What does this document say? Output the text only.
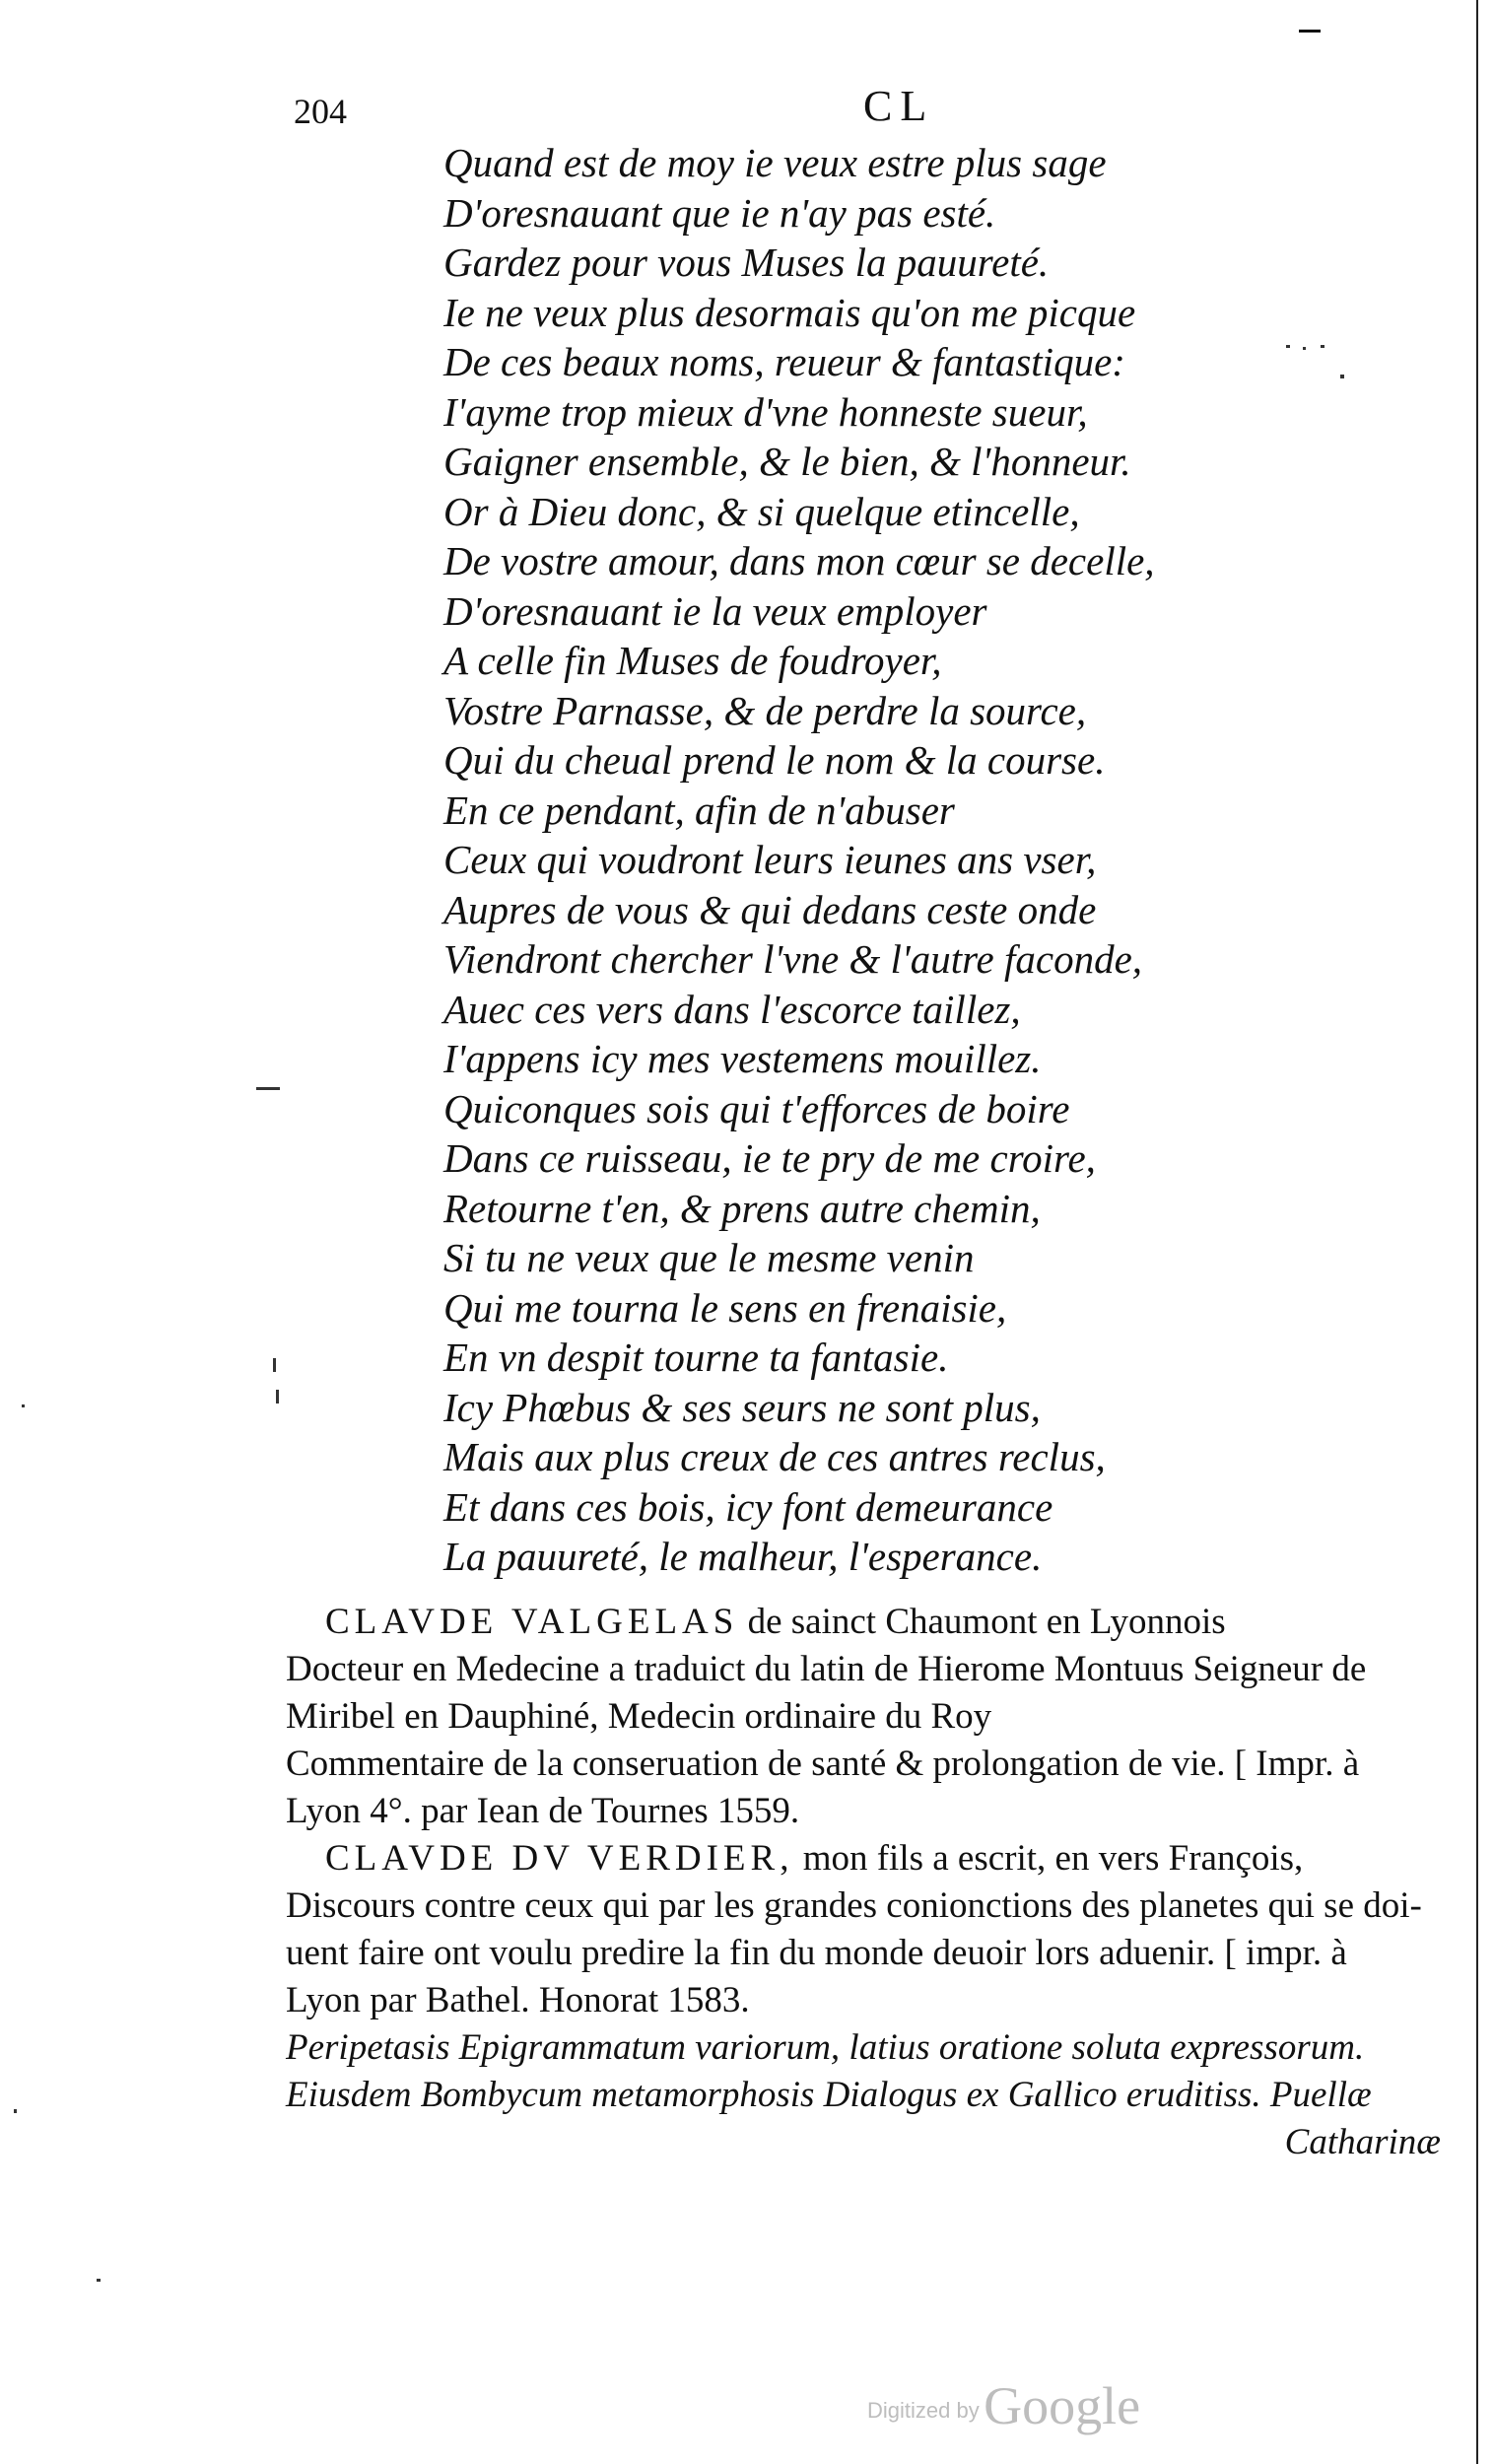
204	CL
Quand est de moy ie veux estre plus sage
D'oresnauant que ie n'ay pas esté.
Gardez pour vous Muses la pauureté.
Ie ne veux plus desormais qu'on me picque
De ces beaux noms, reueur & fantastique:
I'ayme trop mieux d'vne honneste sueur,
Gaigner ensemble, & le bien, & l'honneur.
Or à Dieu donc, & si quelque etincelle,
De vostre amour, dans mon cœur se decelle,
D'oresnauant ie la veux employer
A celle fin Muses de foudroyer,
Vostre Parnasse, & de perdre la source,
Qui du cheual prend le nom & la course.
En ce pendant, afin de n'abuser
Ceux qui voudront leurs ieunes ans vser,
Aupres de vous & qui dedans ceste onde
Viendront chercher l'vne & l'autre faconde,
Auec ces vers dans l'escorce taillez,
I'appens icy mes vestemens mouillez.
Quiconques sois qui t'efforces de boire
Dans ce ruisseau, ie te pry de me croire,
Retourne t'en, & prens autre chemin,
Si tu ne veux que le mesme venin
Qui me tourna le sens en frenaisie,
En vn despit tourne ta fantasie.
Icy Phœbus & ses seurs ne sont plus,
Mais aux plus creux de ces antres reclus,
Et dans ces bois, icy font demeurance
La pauureté, le malheur, l'esperance.
CLAVDE VALGELAS de sainct Chaumont en Lyonnois
Docteur en Medecine a traduict du latin de Hierome Montuus Seigneur de
Miribel en Dauphiné, Medecin ordinaire du Roy
Commentaire de la conseruation de santé & prolongation de vie. [ Impr. à
Lyon 4°. par Iean de Tournes 1559.
CLAVDE DV VERDIER, mon fils a escrit, en vers François,
Discours contre ceux qui par les grandes conionctions des planetes qui se doi-
uent faire ont voulu predire la fin du monde deuoir lors aduenir. [ impr. à
Lyon par Bathel. Honorat 1583.
Peripetasis Epigrammatum variorum, latius oratione soluta expressorum.
Eiusdem Bombycum metamorphosis Dialogus ex Gallico eruditiss. Puellæ
Catharinæ
Digitized by Google
